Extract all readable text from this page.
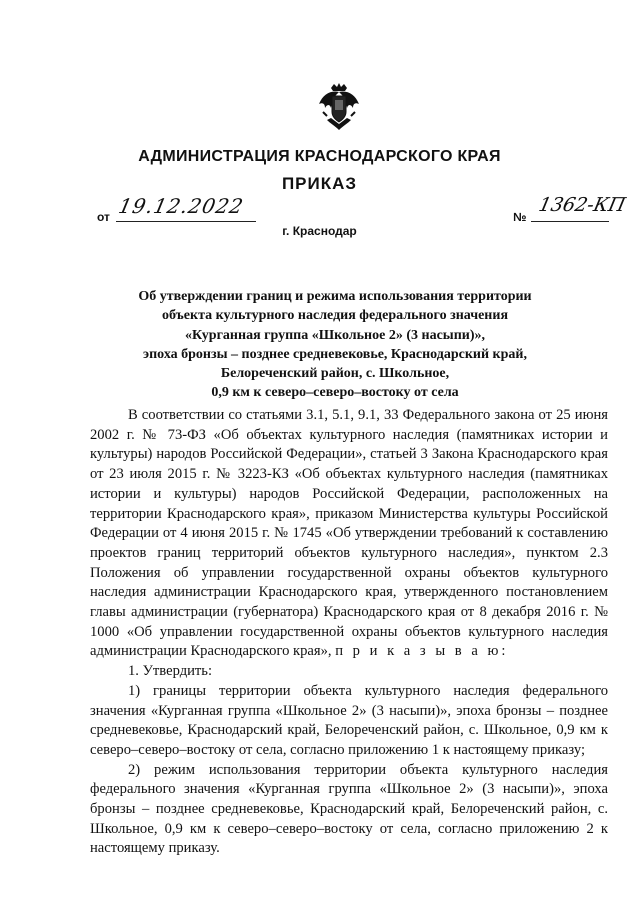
АДМИНИСТРАЦИЯ КРАСНОДАРСКОГО КРАЯ
ПРИКАЗ
от 19.12.2022	№
1362-КП
г. Краснодар
Об утверждении границ и режима использования территории
объекта культурного наследия федерального значения
«Курганная группа «Школьное 2» (3 насыпи)»,
эпоха бронзы – позднее средневековье, Краснодарский край,
Белореченский район, с. Школьное,
0,9 км к северо–северо–востоку от села

В соответствии со статьями 3.1, 5.1, 9.1, 33 Федерального закона от 25 июня 2002 г. № 73-ФЗ «Об объектах культурного наследия (памятниках истории и культуры) народов Российской Федерации», статьей 3 Закона Краснодарского края от 23 июля 2015 г. № 3223-КЗ «Об объектах культурного наследия (памятниках истории и культуры) народов Российской Федерации, расположенных на территории Краснодарского края», приказом Министерства культуры Российской Федерации от 4 июня 2015 г. № 1745 «Об утверждении требований к составлению проектов границ территорий объектов культурного наследия», пунктом 2.3 Положения об управлении государственной охраны объектов культурного наследия администрации Краснодарского края, утвержденного постановлением главы администрации (губернатора) Краснодарского края от 8 декабря 2016 г. № 1000 «Об управлении государственной охраны объектов культурного наследия администрации Краснодарского края», п р и к а з ы в а ю:

1. Утвердить:

1) границы территории объекта культурного наследия федерального значения «Курганная группа «Школьное 2» (3 насыпи)», эпоха бронзы – позднее средневековье, Краснодарский край, Белореченский район, с. Школьное, 0,9 км к северо–северо–востоку от села, согласно приложению 1 к настоящему приказу;

2) режим использования территории объекта культурного наследия федерального значения «Курганная группа «Школьное 2» (3 насыпи)», эпоха бронзы – позднее средневековье, Краснодарский край, Белореченский район, с. Школьное, 0,9 км к северо–северо–востоку от села, согласно приложению 2 к настоящему приказу.
